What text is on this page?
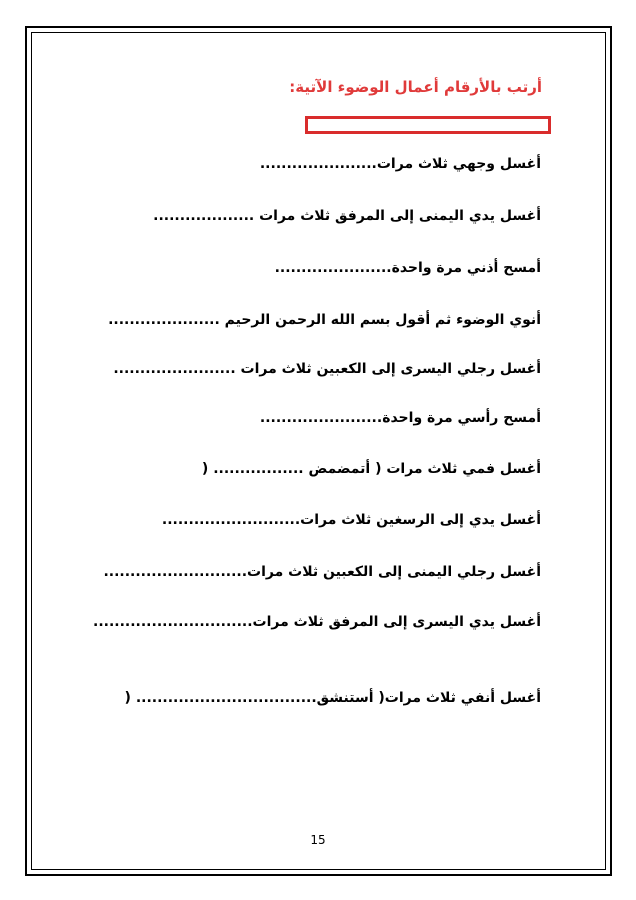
أرتب بالأرقام أعمال الوضوء الآتية:
أغسل وجهي ثلاث مرات......................
أغسل يدي اليمنى إلى المرفق ثلاث مرات ...................
أمسح أذني مرة واحدة......................
أنوي الوضوء ثم أقول بسم الله الرحمن الرحيم .....................
أغسل رجلي اليسرى إلى الكعبين ثلاث مرات .......................
أمسح رأسي مرة واحدة.......................
أغسل فمي ثلاث مرات ( أتمضمض ................. (
أغسل يدي إلى الرسغين ثلاث مرات..........................
أغسل رجلي اليمنى إلى الكعبين ثلاث مرات...........................
أغسل يدي اليسرى إلى المرفق ثلاث مرات..............................
أغسل أنفي ثلاث مرات( أستنشق.................................. (
15
